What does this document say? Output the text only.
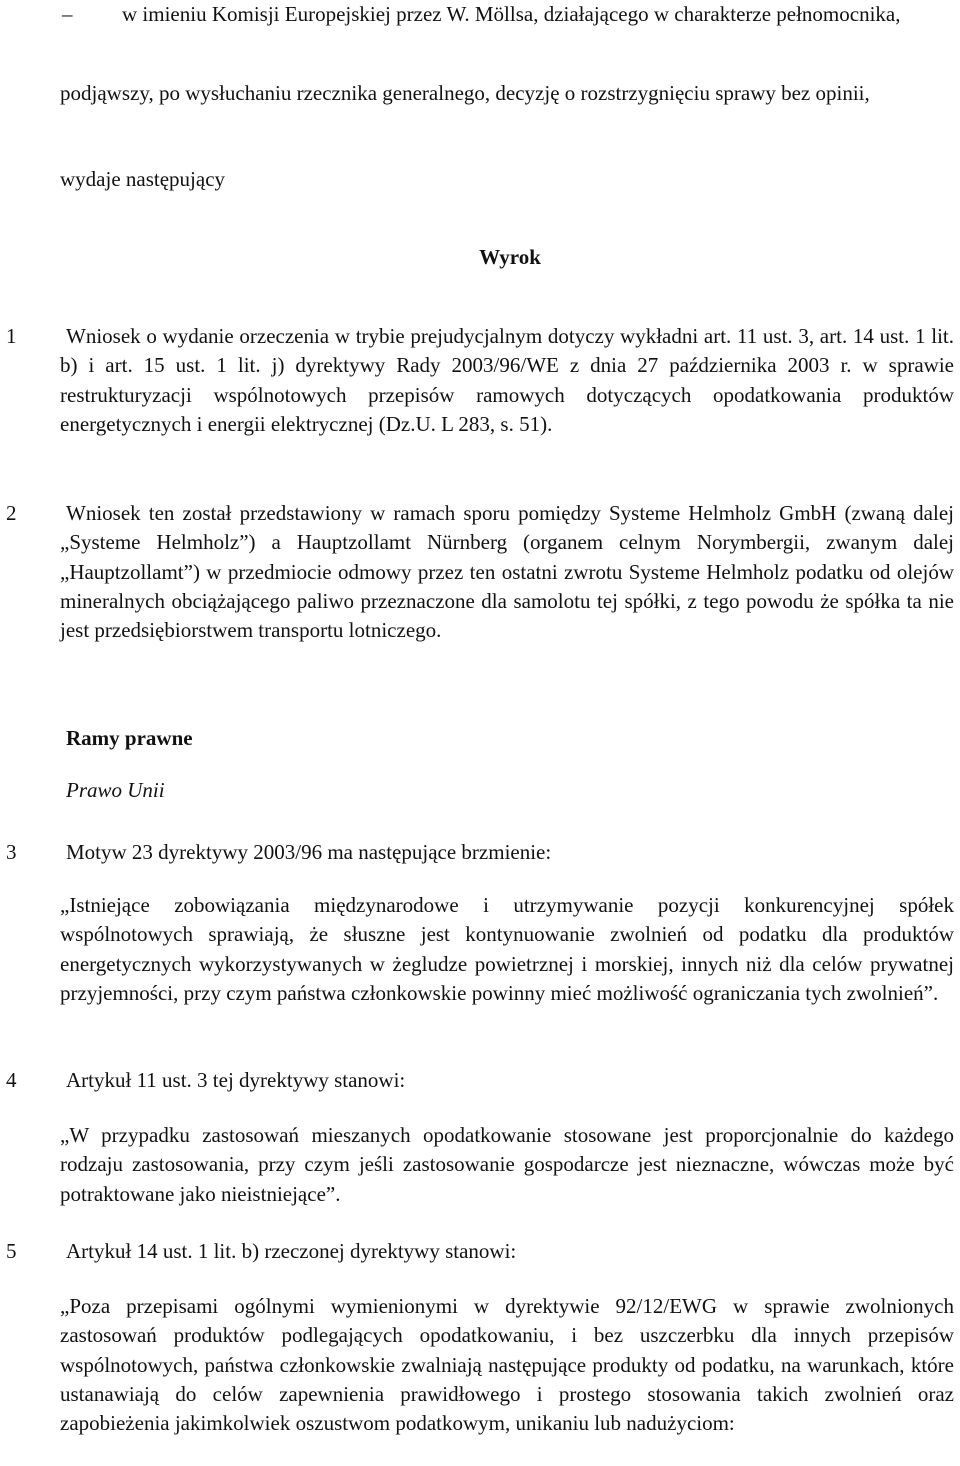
–	w imieniu Komisji Europejskiej przez W. Möllsa, działającego w charakterze pełnomocnika,

podjąwszy, po wysłuchaniu rzecznika generalnego, decyzję o rozstrzygnięciu sprawy bez opinii,

wydaje następujący

Wyrok
1 Wniosek o wydanie orzeczenia w trybie prejudycjalnym dotyczy wykładni art. 11 ust. 3, art. 14 ust. 1 lit. b) i art. 15 ust. 1 lit. j) dyrektywy Rady 2003/96/WE z dnia 27 października 2003 r. w sprawie restrukturyzacji wspólnotowych przepisów ramowych dotyczących opodatkowania produktów energetycznych i energii elektrycznej (Dz.U. L 283, s. 51).

2 Wniosek ten został przedstawiony w ramach sporu pomiędzy Systeme Helmholz GmbH (zwaną dalej „Systeme Helmholz”) a Hauptzollamt Nürnberg (organem celnym Norymbergii, zwanym dalej „Hauptzollamt”) w przedmiocie odmowy przez ten ostatni zwrotu Systeme Helmholz podatku od olejów mineralnych obciążającego paliwo przeznaczone dla samolotu tej spółki, z tego powodu że spółka ta nie jest przedsiębiorstwem transportu lotniczego.

Ramy prawne
Prawo Unii
3 Motyw 23 dyrektywy 2003/96 ma następujące brzmienie:

„Istniejące zobowiązania międzynarodowe i utrzymywanie pozycji konkurencyjnej spółek wspólnotowych sprawiają, że słuszne jest kontynuowanie zwolnień od podatku dla produktów energetycznych wykorzystywanych w żegludze powietrznej i morskiej, innych niż dla celów prywatnej przyjemności, przy czym państwa członkowskie powinny mieć możliwość ograniczania tych zwolnień”.

4 Artykuł 11 ust. 3 tej dyrektywy stanowi:

„W przypadku zastosowań mieszanych opodatkowanie stosowane jest proporcjonalnie do każdego rodzaju zastosowania, przy czym jeśli zastosowanie gospodarcze jest nieznaczne, wówczas może być potraktowane jako nieistniejące”.

5 Artykuł 14 ust. 1 lit. b) rzeczonej dyrektywy stanowi:

„Poza przepisami ogólnymi wymienionymi w dyrektywie 92/12/EWG w sprawie zwolnionych zastosowań produktów podlegających opodatkowaniu, i bez uszczerbku dla innych przepisów wspólnotowych, państwa członkowskie zwalniają następujące produkty od podatku, na warunkach, które ustanawiają do celów zapewnienia prawidłowego i prostego stosowania takich zwolnień oraz zapobieżenia jakimkolwiek oszustwom podatkowym, unikaniu lub nadużyciom:
